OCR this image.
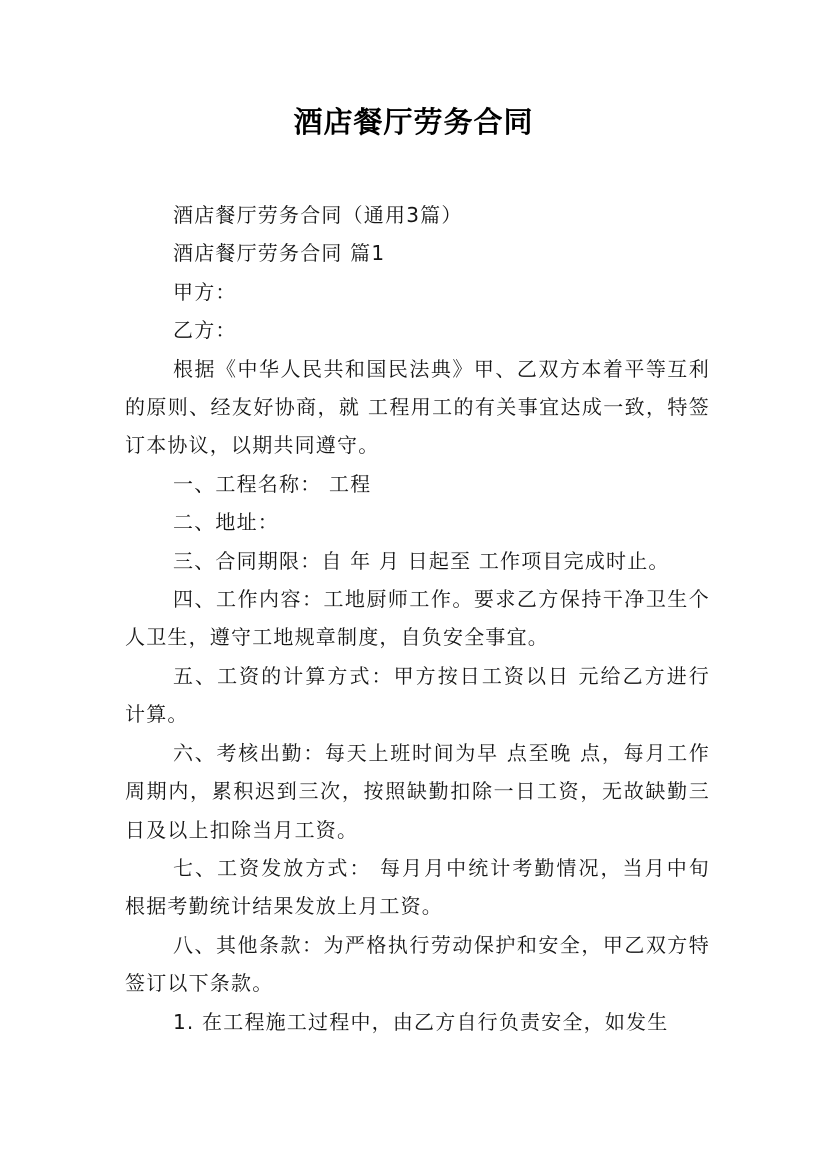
酒店餐厅劳务合同

酒店餐厅劳务合同（通用3篇）

酒店餐厅劳务合同 篇1

甲方：

乙方：

根据《中华人民共和国民法典》甲、乙双方本着平等互利的原则、经友好协商，就 工程用工的有关事宜达成一致，特签订本协议，以期共同遵守。

一、工程名称： 工程

二、地址：

三、合同期限：自 年 月 日起至 工作项目完成时止。

四、工作内容：工地厨师工作。要求乙方保持干净卫生个人卫生，遵守工地规章制度，自负安全事宜。

五、工资的计算方式：甲方按日工资以日 元给乙方进行计算。

六、考核出勤：每天上班时间为早 点至晚 点，每月工作周期内，累积迟到三次，按照缺勤扣除一日工资，无故缺勤三日及以上扣除当月工资。

七、工资发放方式： 每月月中统计考勤情况，当月中旬根据考勤统计结果发放上月工资。

八、其他条款：为严格执行劳动保护和安全，甲乙双方特签订以下条款。

1. 在工程施工过程中，由乙方自行负责安全，如发生
